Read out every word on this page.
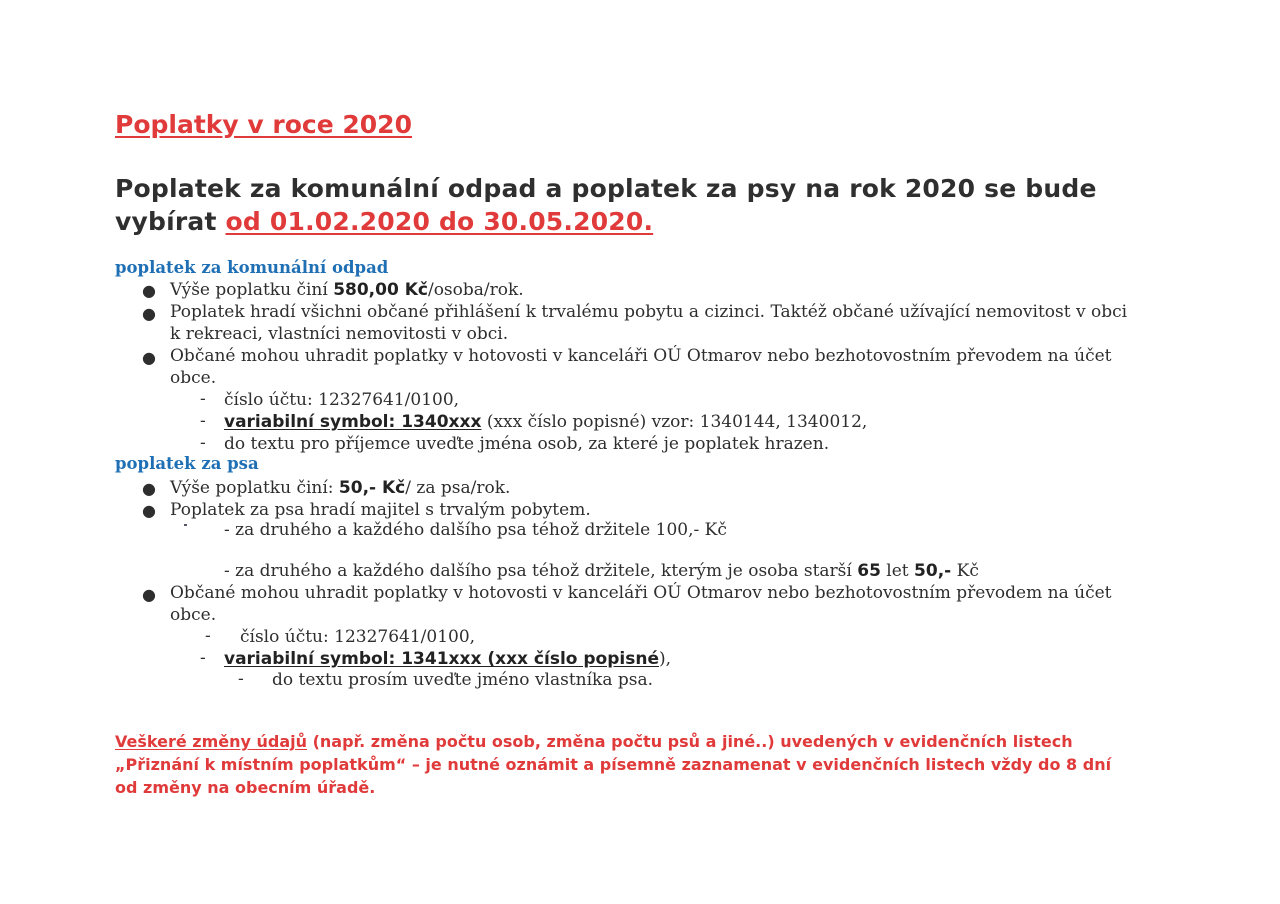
Poplatky v roce 2020
Poplatek za komunální odpad a poplatek za psy na rok 2020 se bude vybírat od 01.02.2020 do 30.05.2020.
poplatek za komunální odpad
● Výše poplatku činí 580,00 Kč/osoba/rok.
● Poplatek hradí všichni občané přihlášení k trvalému pobytu a cizinci. Taktéž občané užívající nemovitost v obci
k rekreaci, vlastníci nemovitosti v obci.
● Občané mohou uhradit poplatky v hotovosti v kanceláři OÚ Otmarov nebo bezhotovostním převodem na účet
obce.
- číslo účtu: 12327641/0100,
- variabilní symbol: 1340xxx (xxx číslo popisné) vzor: 1340144, 1340012,
- do textu pro příjemce uveďte jména osob, za které je poplatek hrazen.
poplatek za psa
● Výše poplatku činí: 50,- Kč/ za psa/rok.
● Poplatek za psa hradí majitel s trvalým pobytem.
- za druhého a každého dalšího psa téhož držitele 100,- Kč
- za druhého a každého dalšího psa téhož držitele, kterým je osoba starší 65 let 50,- Kč
● Občané mohou uhradit poplatky v hotovosti v kanceláři OÚ Otmarov nebo bezhotovostním převodem na účet
obce.
- číslo účtu: 12327641/0100,
- variabilní symbol: 1341xxx (xxx číslo popisné),
- do textu prosím uveďte jméno vlastníka psa.
Veškeré změny údajů (např. změna počtu osob, změna počtu psů a jiné..) uvedených v evidenčních listech
„Přiznání k místním poplatkům“ – je nutné oznámit a písemně zaznamenat v evidenčních listech vždy do 8 dní
od změny na obecním úřadě.
